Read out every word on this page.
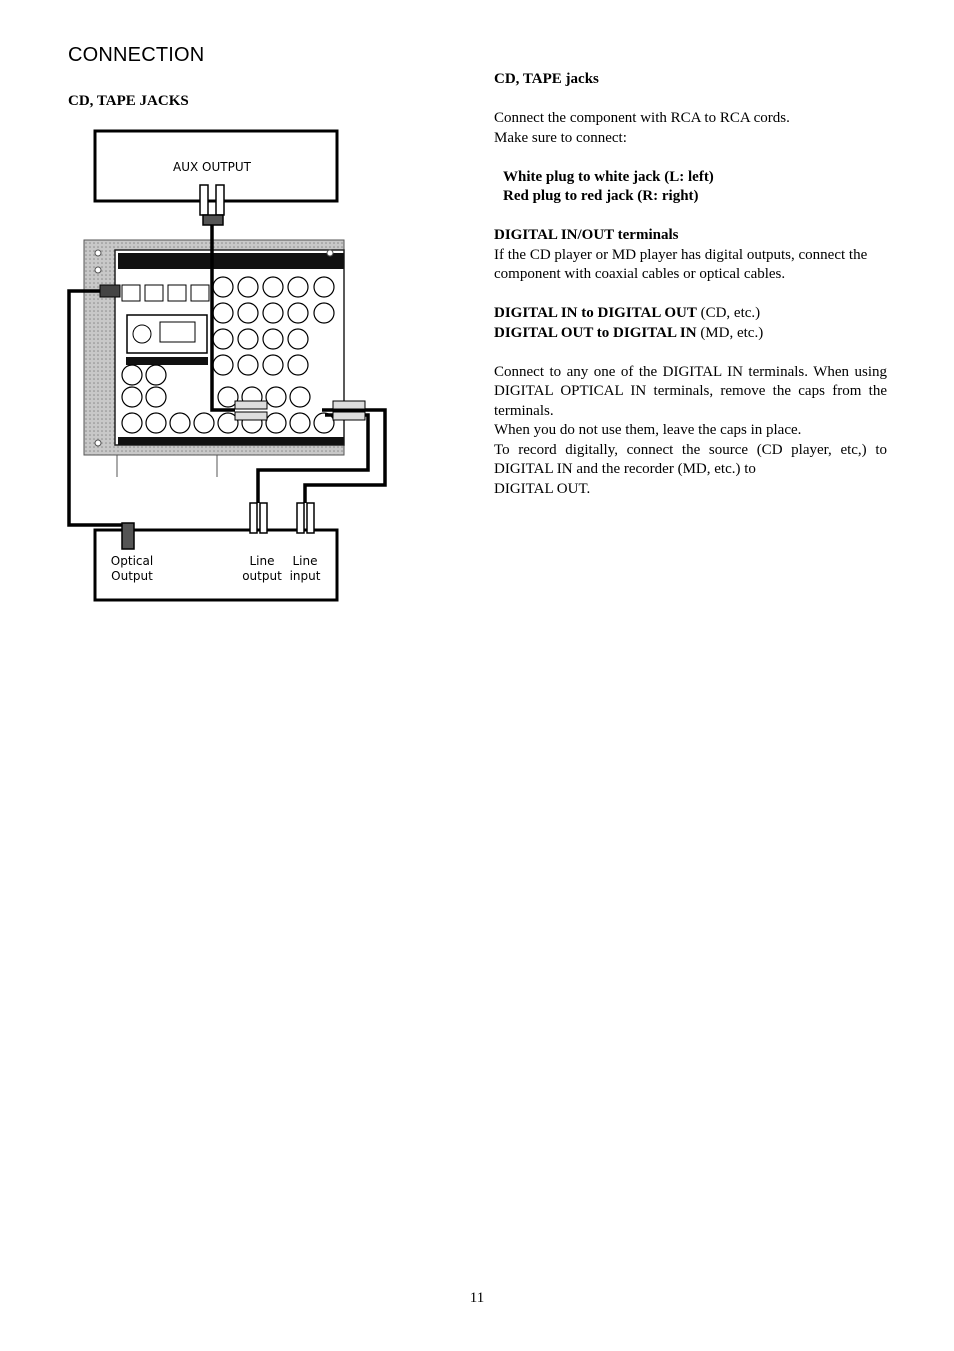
CONNECTION
CD, TAPE JACKS
AUX OUTPUT
Optical
Output
Line
output
Line
input

CD, TAPE jacks

Connect the component with RCA to RCA cords.

Make sure to connect:

White plug to white jack (L: left)

Red plug to red jack (R: right)

DIGITAL IN/OUT terminals

If the CD player or MD player has digital outputs, connect the component with coaxial cables or optical cables.

DIGITAL IN to DIGITAL OUT (CD, etc.)

DIGITAL OUT to DIGITAL IN (MD, etc.)

Connect to any one of the DIGITAL IN terminals. When using DIGITAL OPTICAL IN terminals, remove the caps from the terminals.

When you do not use them, leave the caps in place.

To record digitally, connect the source (CD player, etc,) to DIGITAL IN and the recorder (MD, etc.) to

DIGITAL OUT.

11
